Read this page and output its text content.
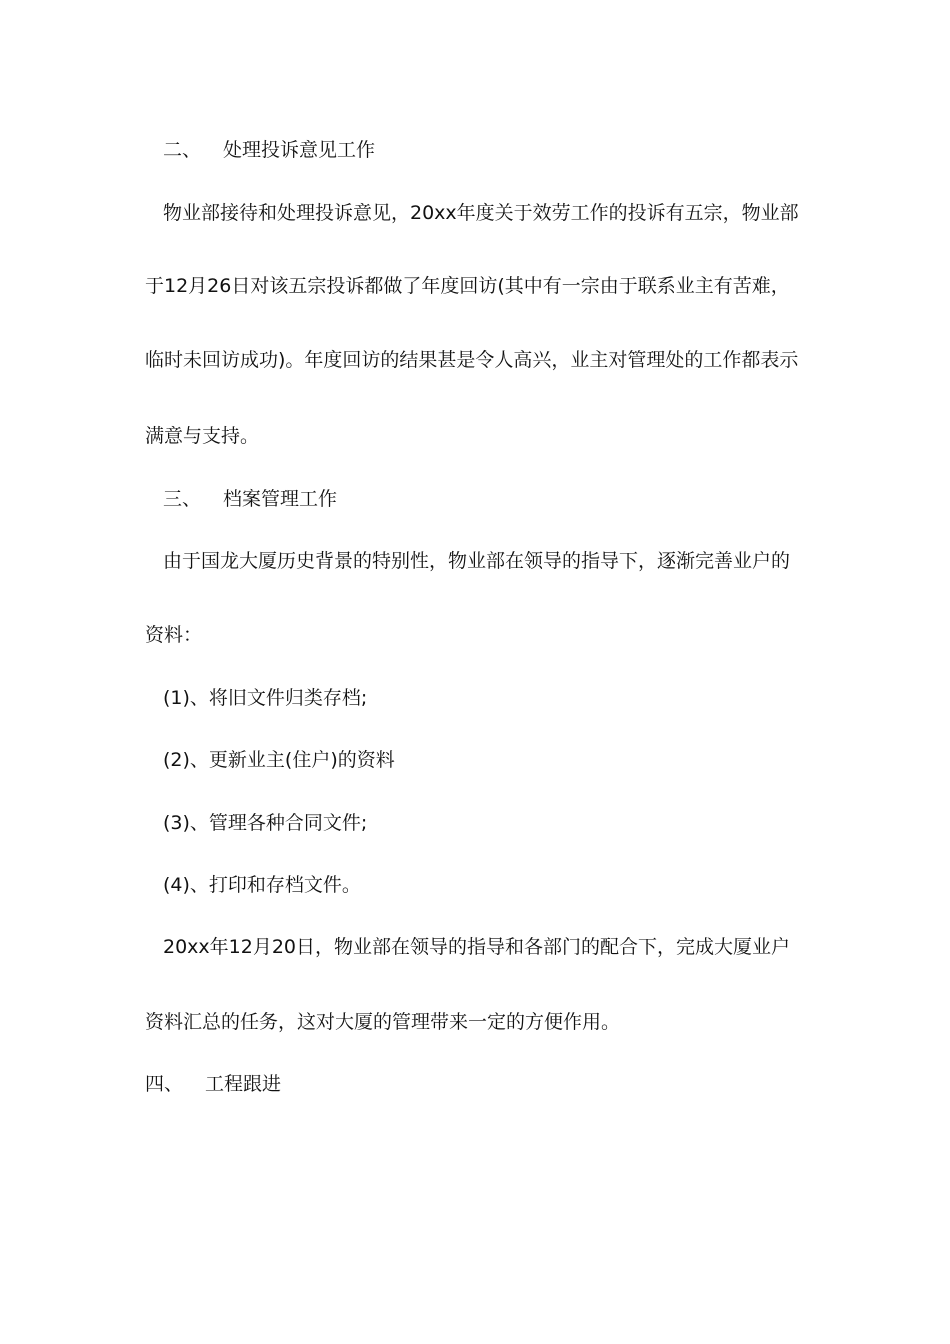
二、 处理投诉意见工作
物业部接待和处理投诉意见，20xx年度关于效劳工作的投诉有五宗，物业部
于12月26日对该五宗投诉都做了年度回访(其中有一宗由于联系业主有苦难，
临时未回访成功)。年度回访的结果甚是令人高兴，业主对管理处的工作都表示
满意与支持。
三、 档案管理工作
由于国龙大厦历史背景的特别性，物业部在领导的指导下，逐渐完善业户的
资料：
(1)、将旧文件归类存档;
(2)、更新业主(住户)的资料
(3)、管理各种合同文件;
(4)、打印和存档文件。
20xx年12月20日，物业部在领导的指导和各部门的配合下，完成大厦业户
资料汇总的任务，这对大厦的管理带来一定的方便作用。
四、 工程跟进
